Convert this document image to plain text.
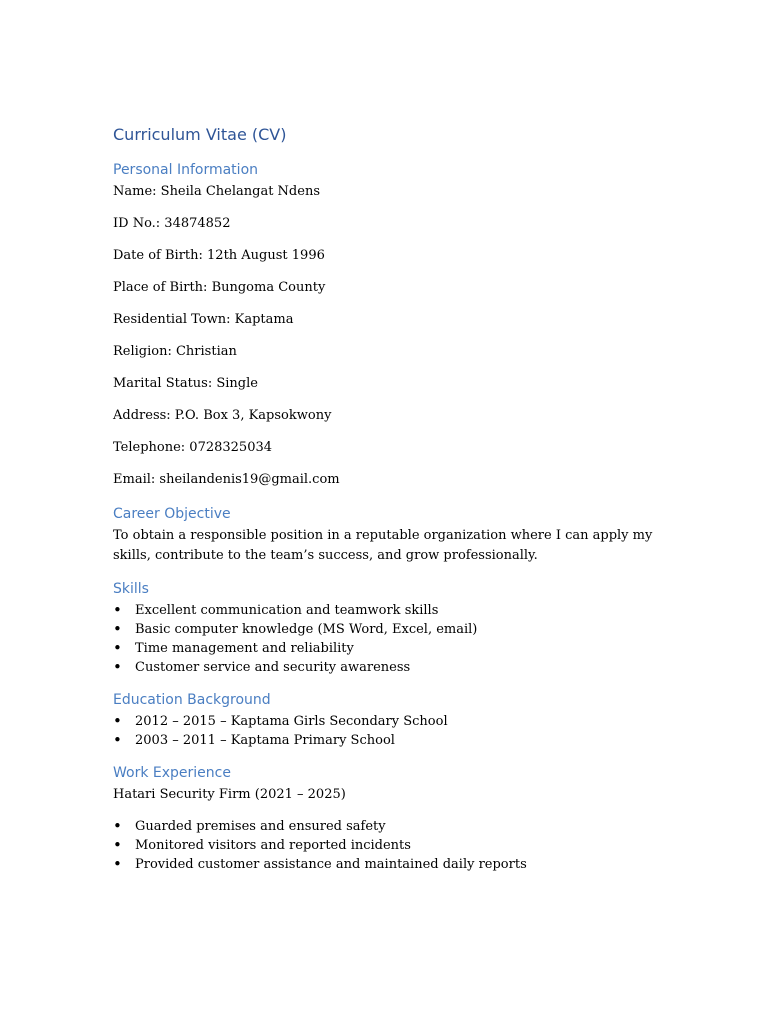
Curriculum Vitae (CV)
Personal Information
Name: Sheila Chelangat Ndens
ID No.: 34874852
Date of Birth: 12th August 1996
Place of Birth: Bungoma County
Residential Town: Kaptama
Religion: Christian
Marital Status: Single
Address: P.O. Box 3, Kapsokwony
Telephone: 0728325034
Email: sheilandenis19@gmail.com
Career Objective
To obtain a responsible position in a reputable organization where I can apply my skills, contribute to the team’s success, and grow professionally.
Skills
• Excellent communication and teamwork skills
• Basic computer knowledge (MS Word, Excel, email)
• Time management and reliability
• Customer service and security awareness
Education Background
• 2012 – 2015 – Kaptama Girls Secondary School
• 2003 – 2011 – Kaptama Primary School
Work Experience
Hatari Security Firm (2021 – 2025)
• Guarded premises and ensured safety
• Monitored visitors and reported incidents
• Provided customer assistance and maintained daily reports
